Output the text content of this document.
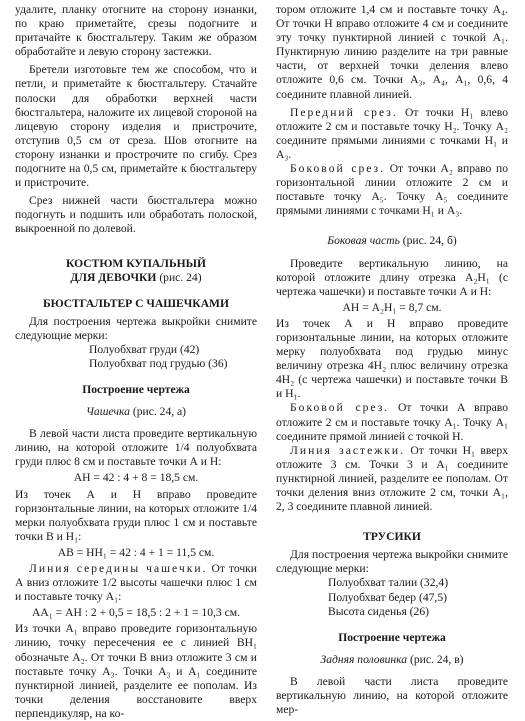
удалите, планку отогните на сторону изнанки, по краю приметайте, срезы подогните и притачайте к бюстгальтеру. Таким же образом обработайте и левую сторону застежки.

Бретели изготовьте тем же способом, что и петли, и приметайте к бюстгальтеру. Стачайте полоски для обработки верхней части бюстгальтера, наложите их лицевой стороной на лицевую сторону изделия и пристрочите, отступив 0,5 см от среза. Шов отогните на сторону изнанки и прострочите по сгибу. Срез подогните на 0,5 см, приметайте к бюстгальтеру и пристрочите.

Срез нижней части бюстгальтера можно подогнуть и подшить или обработать полоской, выкроенной по долевой.

КОСТЮМ КУПАЛЬНЫЙ
ДЛЯ ДЕВОЧКИ (рис. 24)
БЮСТГАЛЬТЕР С ЧАШЕЧКАМИ

Для построения чертежа выкройки снимите следующие мерки:

Полуобхват груди (42)
Полуобхват под грудью (36)
Построение чертежа
Чашечка (рис. 24, а)

В левой части листа проведите вертикальную линию, на которой отложите 1/4 полуобхвата груди плюс 8 см и поставьте точки А и Н:

АН = 42 : 4 + 8 = 18,5 см.

Из точек А и Н вправо проведите горизонтальные линии, на которых отложите 1/4 мерки полуобхвата груди плюс 1 см и поставьте точки В и Н₁:

АВ = НН₁ = 42 : 4 + 1 = 11,5 см.

Линия середины чашечки. От точки А вниз отложите 1/2 высоты чашечки плюс 1 см и поставьте точку А₁:

АА₁ = АН : 2 + 0,5 = 18,5 : 2 + 1 = 10,3 см.

Из точки А₁ вправо проведите горизонтальную линию, точку пересечения ее с линией ВН₁ обозначьте А₂. От точки В вниз отложите 3 см и поставьте точку А₃. Точки А₃ и А₁ соедините пунктирной линией, разделите ее пополам. Из точки деления восстановите вверх перпендикуляр, на ко-

тором отложите 1,4 см и поставьте точку А₄. От точки Н вправо отложите 4 см и соедините эту точку пунктирной линией с точкой А₁. Пунктирную линию разделите на три равные части, от верхней точки деления влево отложите 0,6 см. Точки А₃, А₄, А₁, 0,6, 4 соедините плавной линией.

Передний срез. От точки Н₁ влево отложите 2 см и поставьте точку Н₂. Точку А₂ соедините прямыми линиями с точками Н₁ и А₃.

Боковой срез. От точки А₂ вправо по горизонтальной линии отложите 2 см и поставьте точку А₅. Точку А₅ соедините прямыми линиями с точками Н₁ и А₃.

Боковая часть (рис. 24, б)

Проведите вертикальную линию, на которой отложите длину отрезка А₂Н₁ (с чертежа чашечки) и поставьте точки А и Н:

АН = А₂Н₁ = 8,7 см.

Из точек А и Н вправо проведите горизонтальные линии, на которых отложите мерку полуобхвата под грудью минус величину отрезка 4Н₂ плюс величину отрезка 4Н₂ (с чертежа чашечки) и поставьте точки В и Н₁.

Боковой срез. От точки А вправо отложите 2 см и поставьте точку А₁. Точку А₁ соедините прямой линией с точкой Н.

Линия застежки. От точки Н₁ вверх отложите 3 см. Точки 3 и А₁ соедините пунктирной линией, разделите ее пополам. От точки деления вниз отложите 2 см, точки А₁, 2, 3 соедините плавной линией.

ТРУСИКИ

Для построения чертежа выкройки снимите следующие мерки:

Полуобхват талии (32,4)
Полуобхват бедер (47,5)
Высота сиденья (26)
Построение чертежа
Задняя половинка (рис. 24, в)

В левой части листа проведите вертикальную линию, на которой отложите мер-
